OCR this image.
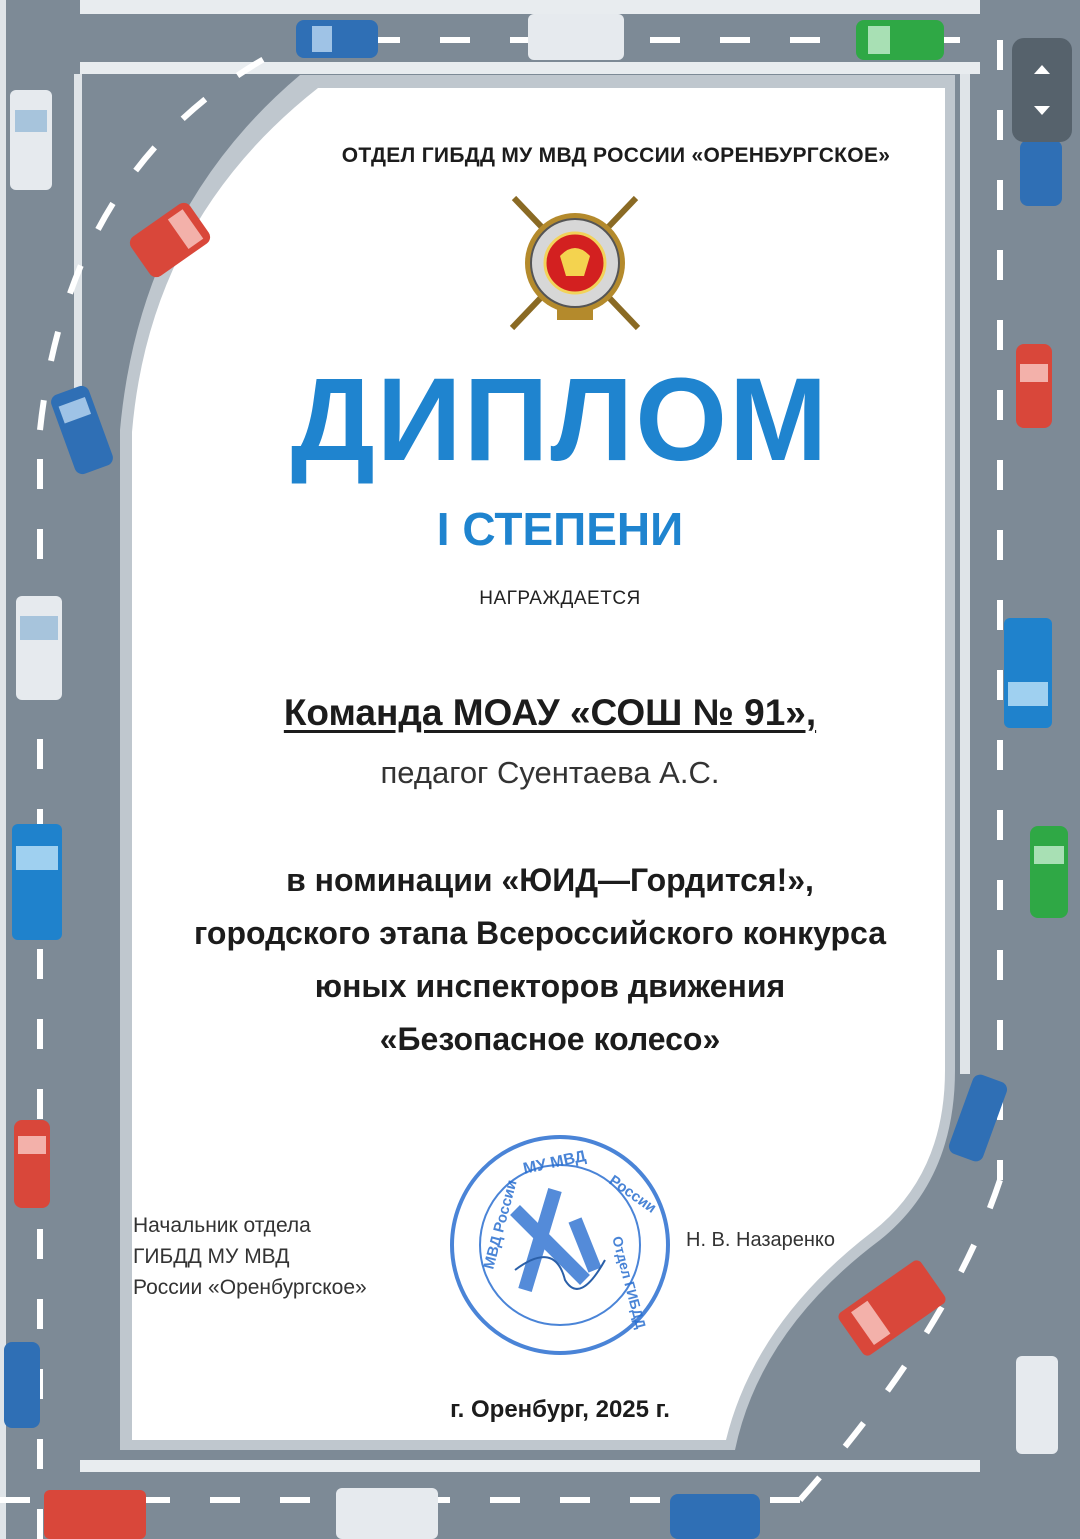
ОТДЕЛ ГИБДД МУ МВД РОССИИ «ОРЕНБУРГСКОЕ»
ДИПЛОМ
I СТЕПЕНИ
НАГРАЖДАЕТСЯ
Команда МОАУ «СОШ № 91»,
педагог Суентаева А.С.
в номинации «ЮИД—Гордится!»,
городского этапа Всероссийского конкурса
юных инспекторов движения
«Безопасное колесо»
Начальник отдела
ГИБДД МУ МВД
России «Оренбургское»
МУ МВД
России
Отдел ГИБДД
МВД России	Н. В. Назаренко
г. Оренбург, 2025 г.
